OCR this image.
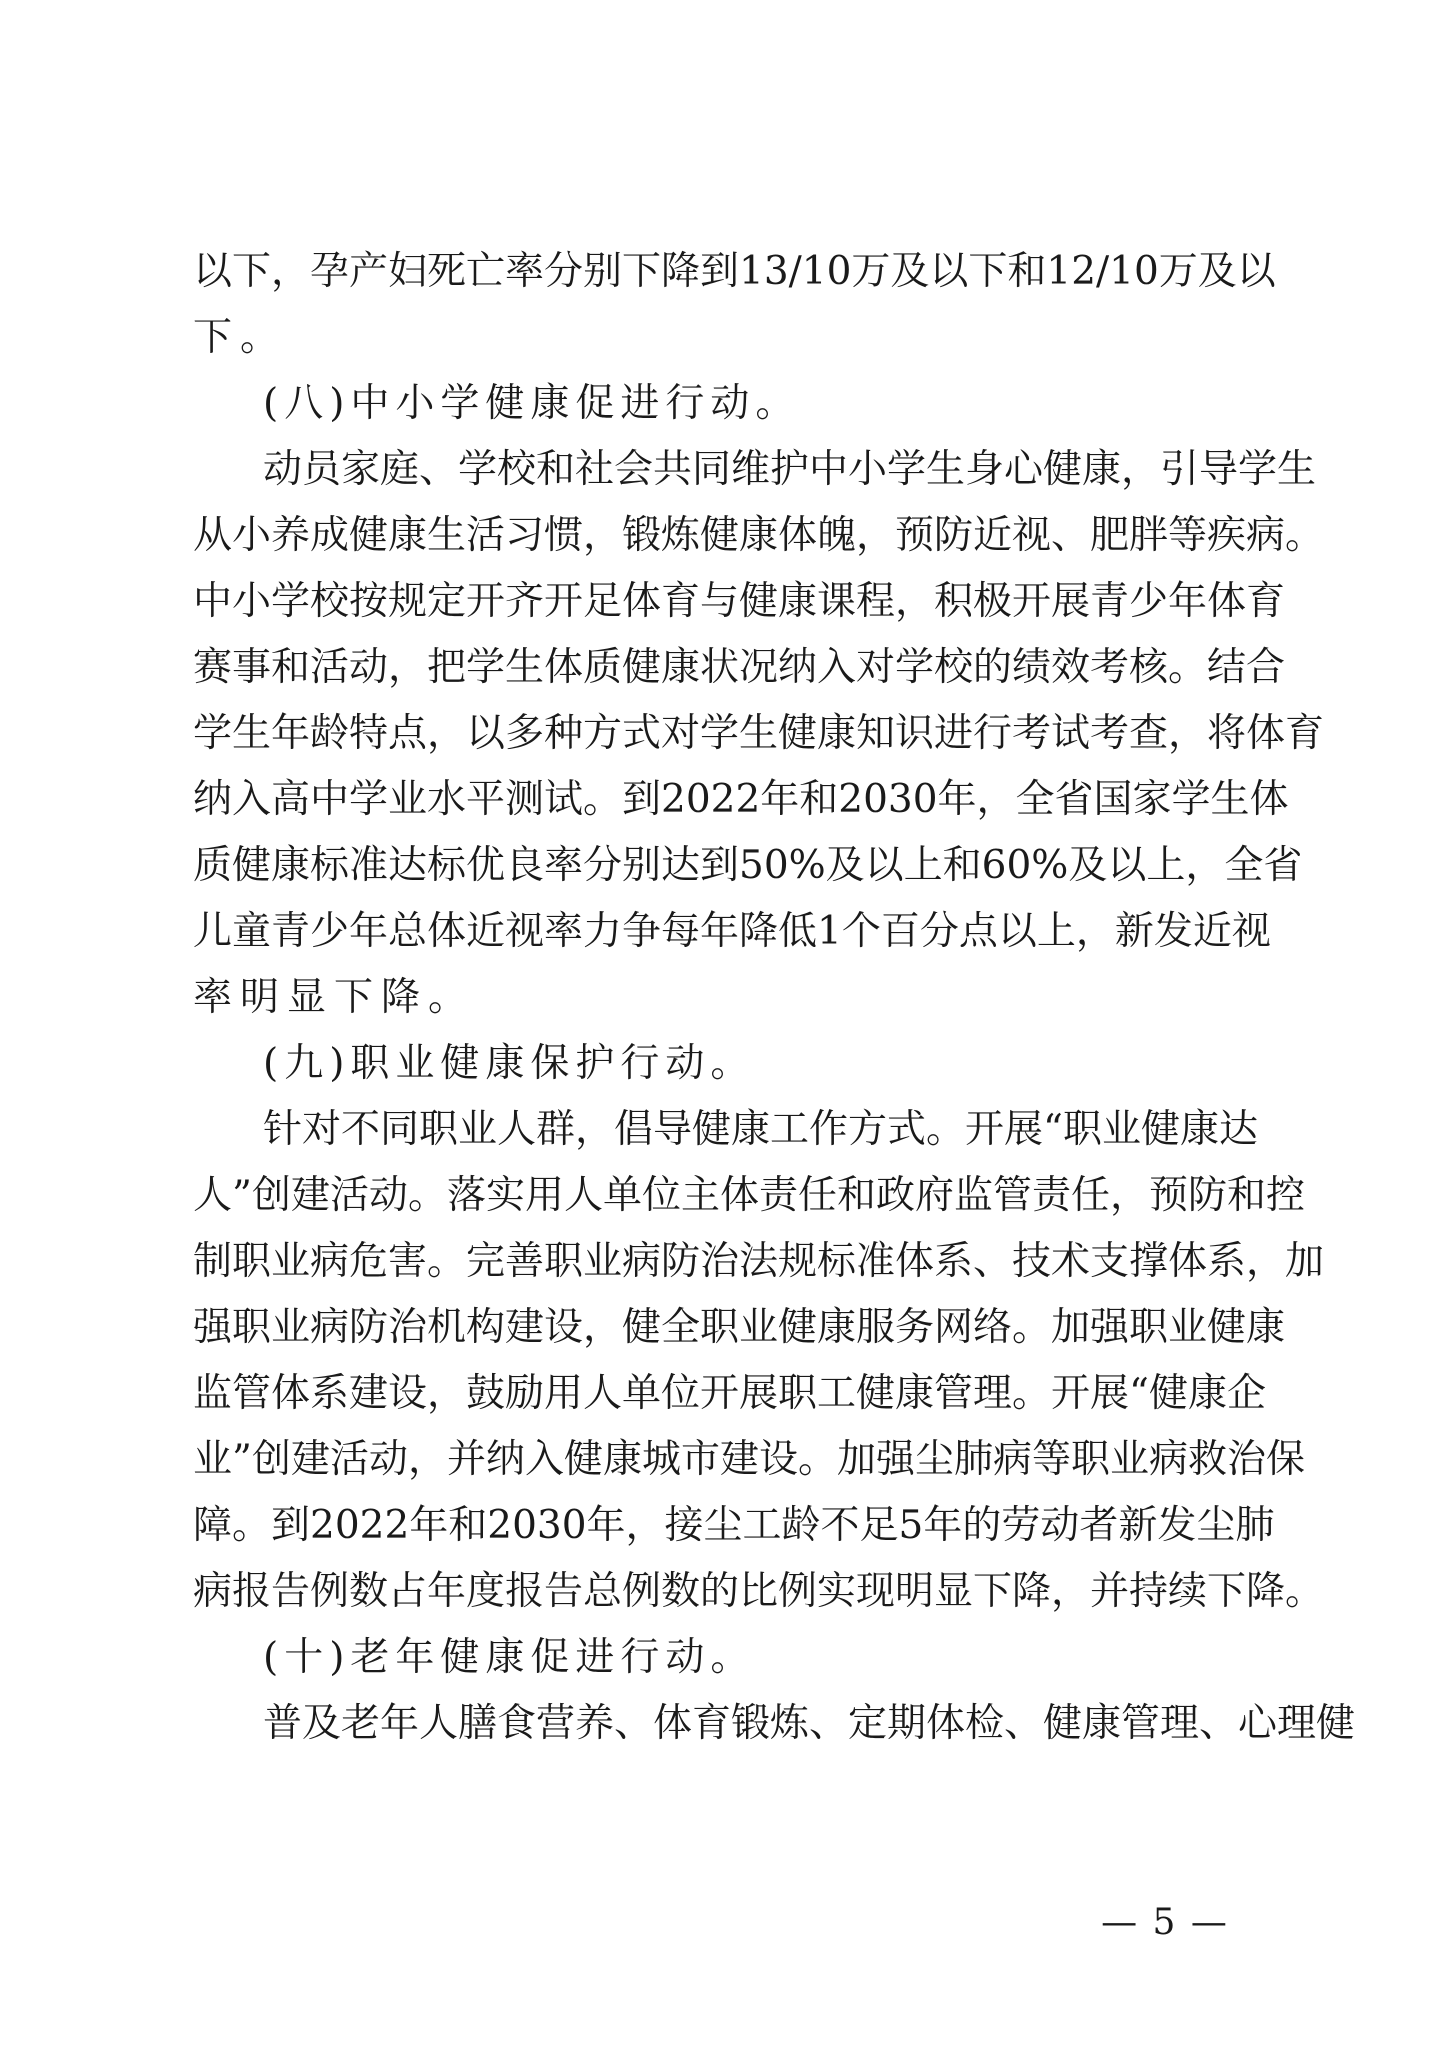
以下，孕产妇死亡率分别下降到13/10万及以下和12/10万及以
下。
(八)中小学健康促进行动。
动员家庭、学校和社会共同维护中小学生身心健康，引导学生
从小养成健康生活习惯，锻炼健康体魄，预防近视、肥胖等疾病。
中小学校按规定开齐开足体育与健康课程，积极开展青少年体育
赛事和活动，把学生体质健康状况纳入对学校的绩效考核。结合
学生年龄特点，以多种方式对学生健康知识进行考试考查，将体育
纳入高中学业水平测试。到2022年和2030年，全省国家学生体
质健康标准达标优良率分别达到50%及以上和60%及以上，全省
儿童青少年总体近视率力争每年降低1个百分点以上，新发近视
率明显下降。
(九)职业健康保护行动。
针对不同职业人群，倡导健康工作方式。开展“职业健康达
人”创建活动。落实用人单位主体责任和政府监管责任，预防和控
制职业病危害。完善职业病防治法规标准体系、技术支撑体系，加
强职业病防治机构建设，健全职业健康服务网络。加强职业健康
监管体系建设，鼓励用人单位开展职工健康管理。开展“健康企
业”创建活动，并纳入健康城市建设。加强尘肺病等职业病救治保
障。到2022年和2030年，接尘工龄不足5年的劳动者新发尘肺
病报告例数占年度报告总例数的比例实现明显下降，并持续下降。
(十)老年健康促进行动。
普及老年人膳食营养、体育锻炼、定期体检、健康管理、心理健
— 5 —
